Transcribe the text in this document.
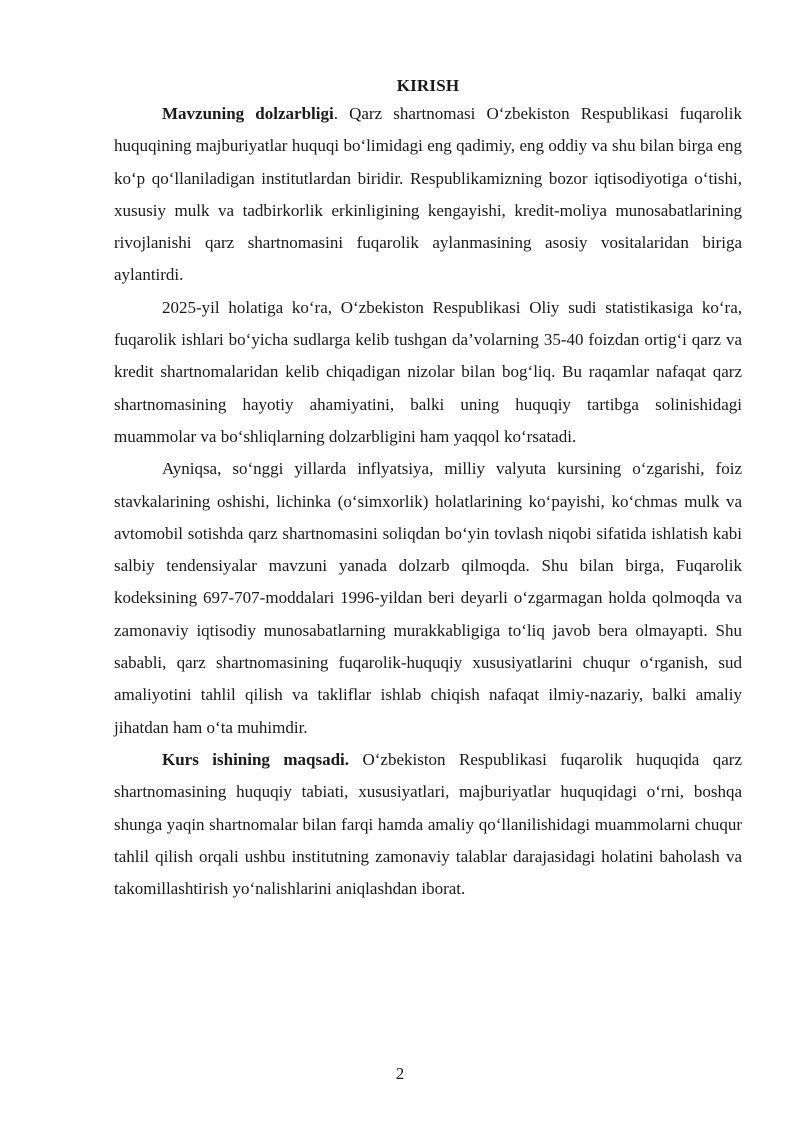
KIRISH

Mavzuning dolzarbligi. Qarz shartnomasi O‘zbekiston Respublikasi fuqarolik huquqining majburiyatlar huquqi bo‘limidagi eng qadimiy, eng oddiy va shu bilan birga eng ko‘p qo‘llaniladigan institutlardan biridir. Respublikamizning bozor iqtisodiyotiga o‘tishi, xususiy mulk va tadbirkorlik erkinligining kengayishi, kredit-moliya munosabatlarining rivojlanishi qarz shartnomasini fuqarolik aylanmasining asosiy vositalaridan biriga aylantirdi.

2025-yil holatiga ko‘ra, O‘zbekiston Respublikasi Oliy sudi statistikasiga ko‘ra, fuqarolik ishlari bo‘yicha sudlarga kelib tushgan da’volarning 35-40 foizdan ortig‘i qarz va kredit shartnomalaridan kelib chiqadigan nizolar bilan bog‘liq. Bu raqamlar nafaqat qarz shartnomasining hayotiy ahamiyatini, balki uning huquqiy tartibga solinishidagi muammolar va bo‘shliqlarning dolzarbligini ham yaqqol ko‘rsatadi.

Ayniqsa, so‘nggi yillarda inflyatsiya, milliy valyuta kursining o‘zgarishi, foiz stavkalarining oshishi, lichinka (o‘simxorlik) holatlarining ko‘payishi, ko‘chmas mulk va avtomobil sotishda qarz shartnomasini soliqdan bo‘yin tovlash niqobi sifatida ishlatish kabi salbiy tendensiyalar mavzuni yanada dolzarb qilmoqda. Shu bilan birga, Fuqarolik kodeksining 697-707-moddalari 1996-yildan beri deyarli o‘zgarmagan holda qolmoqda va zamonaviy iqtisodiy munosabatlarning murakkabligiga to‘liq javob bera olmayapti. Shu sababli, qarz shartnomasining fuqarolik-huquqiy xususiyatlarini chuqur o‘rganish, sud amaliyotini tahlil qilish va takliflar ishlab chiqish nafaqat ilmiy-nazariy, balki amaliy jihatdan ham o‘ta muhimdir.

Kurs ishining maqsadi. O‘zbekiston Respublikasi fuqarolik huquqida qarz shartnomasining huquqiy tabiati, xususiyatlari, majburiyatlar huquqidagi o‘rni, boshqa shunga yaqin shartnomalar bilan farqi hamda amaliy qo‘llanilishidagi muammolarni chuqur tahlil qilish orqali ushbu institutning zamonaviy talablar darajasidagi holatini baholash va takomillashtirish yo‘nalishlarini aniqlashdan iborat.

2
